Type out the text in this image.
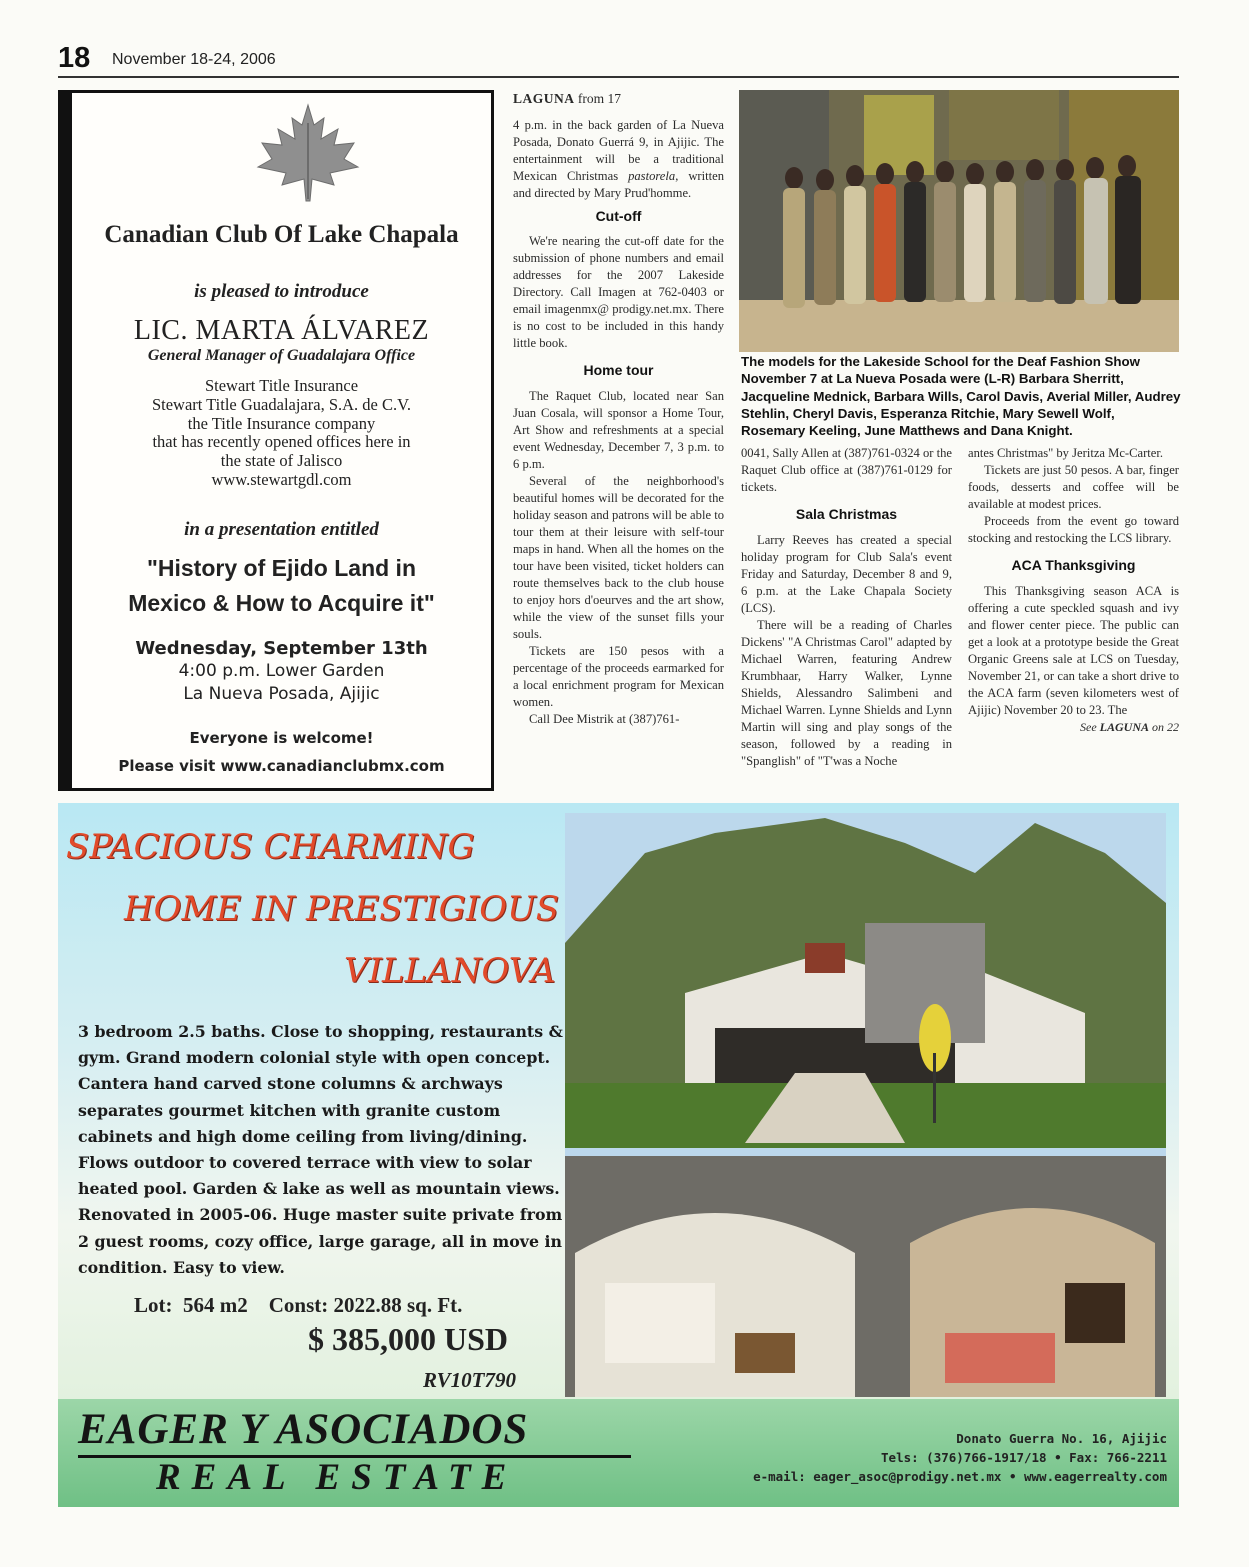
18 November 18-24, 2006
Canadian Club Of Lake Chapala
is pleased to introduce
LIC. MARTA ÁLVAREZ
General Manager of Guadalajara Office
Stewart Title Insurance
Stewart Title Guadalajara, S.A. de C.V.
the Title Insurance company
that has recently opened offices here in
the state of Jalisco
www.stewartgdl.com
in a presentation entitled
"History of Ejido Land in
Mexico & How to Acquire it"
Wednesday, September 13th
4:00 p.m. Lower Garden
La Nueva Posada, Ajijic
Everyone is welcome!
Please visit www.canadianclubmx.com

LAGUNA from 17

4 p.m. in the back garden of La Nueva Posada, Donato Guerrá 9, in Ajijic. The entertainment will be a traditional Mexican Christmas pastorela, written and directed by Mary Prud'homme.

Cut-off

We're nearing the cut-off date for the submission of phone numbers and email addresses for the 2007 Lakeside Directory. Call Imagen at 762-0403 or email imagenmx@ prodigy.net.mx. There is no cost to be included in this handy little book.

Home tour

The Raquet Club, located near San Juan Cosala, will sponsor a Home Tour, Art Show and refreshments at a special event Wednesday, December 7, 3 p.m. to 6 p.m.

Several of the neighborhood's beautiful homes will be decorated for the holiday season and patrons will be able to tour them at their leisure with self-tour maps in hand. When all the homes on the tour have been visited, ticket holders can route themselves back to the club house to enjoy hors d'oeurves and the art show, while the view of the sunset fills your souls.

Tickets are 150 pesos with a percentage of the proceeds earmarked for a local enrichment program for Mexican women.

Call Dee Mistrik at (387)761-

The models for the Lakeside School for the Deaf Fashion Show November 7 at La Nueva Posada were (L-R) Barbara Sherritt, Jacqueline Mednick, Barbara Wills, Carol Davis, Averial Miller, Audrey Stehlin, Cheryl Davis, Esperanza Ritchie, Mary Sewell Wolf, Rosemary Keeling, June Matthews and Dana Knight.

0041, Sally Allen at (387)761-0324 or the Raquet Club office at (387)761-0129 for tickets.

Sala Christmas

Larry Reeves has created a special holiday program for Club Sala's event Friday and Saturday, December 8 and 9, 6 p.m. at the Lake Chapala Society (LCS).

There will be a reading of Charles Dickens' "A Christmas Carol" adapted by Michael Warren, featuring Andrew Krumbhaar, Harry Walker, Lynne Shields, Alessandro Salimbeni and Michael Warren. Lynne Shields and Lynn Martin will sing and play songs of the season, followed by a reading in "Spanglish" of "T'was a Noche

antes Christmas" by Jeritza Mc-Carter.

Tickets are just 50 pesos. A bar, finger foods, desserts and coffee will be available at modest prices.

Proceeds from the event go toward stocking and restocking the LCS library.

ACA Thanksgiving

This Thanksgiving season ACA is offering a cute speckled squash and ivy and flower center piece. The public can get a look at a prototype beside the Great Organic Greens sale at LCS on Tuesday, November 21, or can take a short drive to the ACA farm (seven kilometers west of Ajijic) November 20 to 23. The

See LAGUNA on 22

SPACIOUS CHARMING
HOME IN PRESTIGIOUS
VILLANOVA
3 bedroom 2.5 baths. Close to shopping, restaurants & gym. Grand modern colonial style with open concept. Cantera hand carved stone columns & archways separates gourmet kitchen with granite custom cabinets and high dome ceiling from living/dining. Flows outdoor to covered terrace with view to solar heated pool. Garden & lake as well as mountain views. Renovated in 2005-06. Huge master suite private from 2 guest rooms, cozy office, large garage, all in move in condition. Easy to view.
Lot:  564 m2    Const: 2022.88 sq. Ft.
$ 385,000 USD
RV10T790
EAGER Y ASOCIADOS
REAL ESTATE
Donato Guerra No. 16, Ajijic
Tels: (376)766-1917/18 • Fax: 766-2211
e-mail: eager_asoc@prodigy.net.mx • www.eagerrealty.com
